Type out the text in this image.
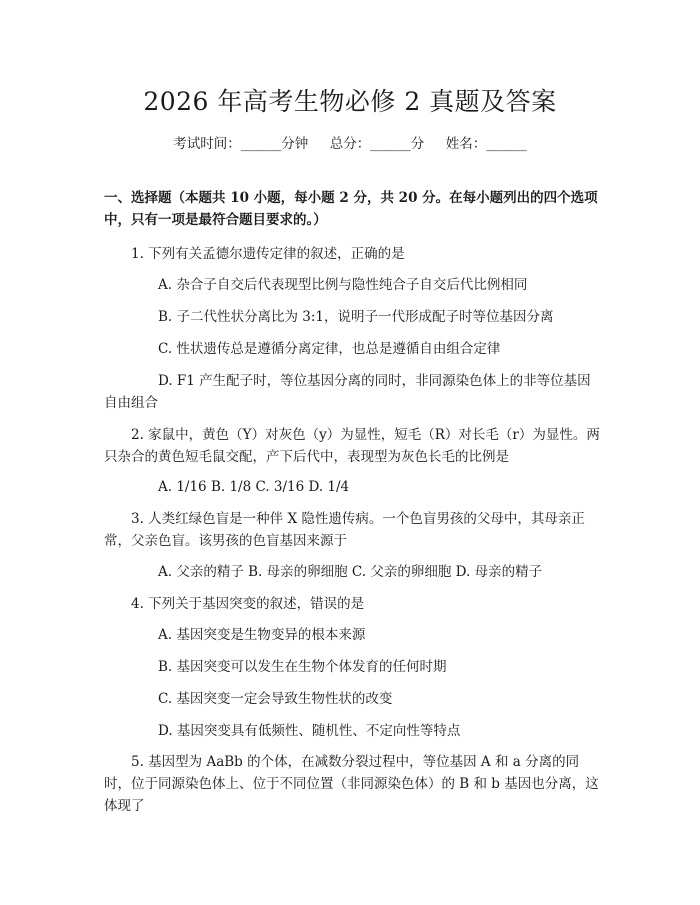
2026 年高考生物必修 2 真题及答案
考试时间：______分钟     总分：______分     姓名：______
一、选择题（本题共 10 小题，每小题 2 分，共 20 分。在每小题列出的四个选项中，只有一项是最符合题目要求的。）
1. 下列有关孟德尔遗传定律的叙述，正确的是
A. 杂合子自交后代表现型比例与隐性纯合子自交后代比例相同
B. 子二代性状分离比为 3:1，说明子一代形成配子时等位基因分离
C. 性状遗传总是遵循分离定律，也总是遵循自由组合定律
D. F1 产生配子时，等位基因分离的同时，非同源染色体上的非等位基因自由组合
2. 家鼠中，黄色（Y）对灰色（y）为显性，短毛（R）对长毛（r）为显性。两只杂合的黄色短毛鼠交配，产下后代中，表现型为灰色长毛的比例是
A. 1/16 B. 1/8 C. 3/16 D. 1/4
3. 人类红绿色盲是一种伴 X 隐性遗传病。一个色盲男孩的父母中，其母亲正常，父亲色盲。该男孩的色盲基因来源于
A. 父亲的精子 B. 母亲的卵细胞 C. 父亲的卵细胞 D. 母亲的精子
4. 下列关于基因突变的叙述，错误的是
A. 基因突变是生物变异的根本来源
B. 基因突变可以发生在生物个体发育的任何时期
C. 基因突变一定会导致生物性状的改变
D. 基因突变具有低频性、随机性、不定向性等特点
5. 基因型为 AaBb 的个体，在减数分裂过程中，等位基因 A 和 a 分离的同时，位于同源染色体上、位于不同位置（非同源染色体）的 B 和 b 基因也分离，这体现了
